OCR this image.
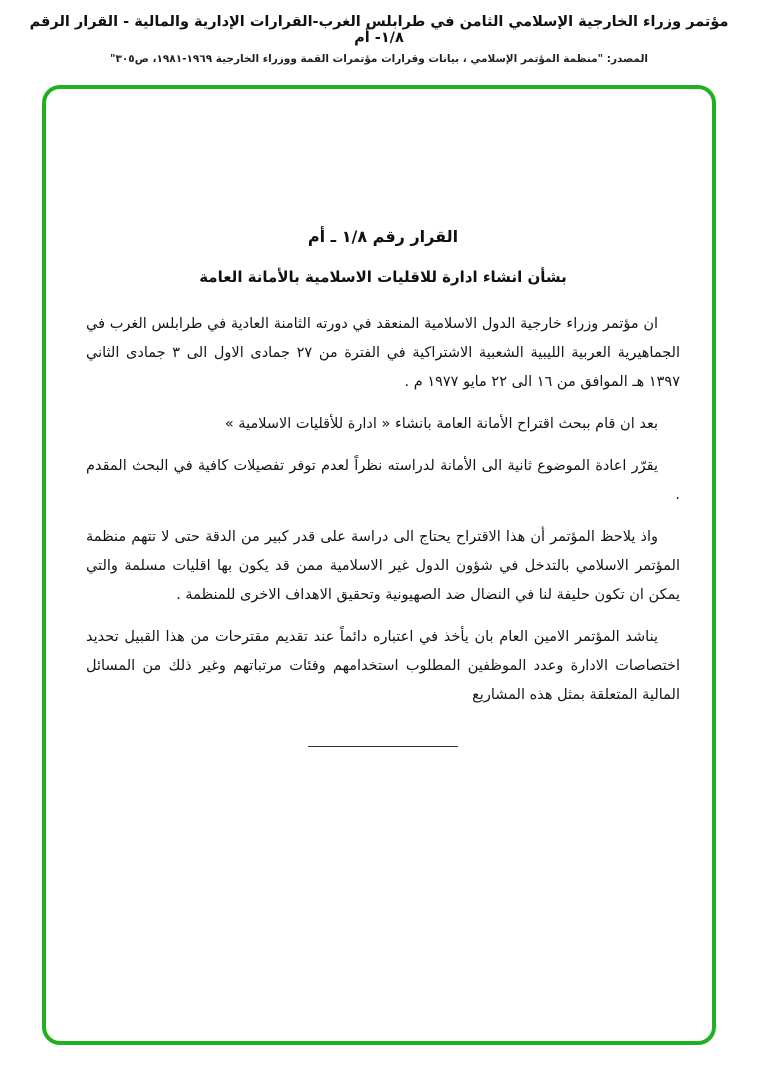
مؤتمر وزراء الخارجية الإسلامي الثامن في طرابلس الغرب-القرارات الإدارية والمالية - القرار الرقم ١/٨- أم
المصدر: "منظمة المؤتمر الإسلامي ، بيانات وقرارات مؤتمرات القمة ووزراء الخارجية ١٩٦٩-١٩٨١، ص٣٠٥"
القرار رقم ١/٨ ـ أم
بشأن انشاء ادارة للاقليات الاسلامية بالأمانة العامة

ان مؤتمر وزراء خارجية الدول الاسلامية المنعقد في دورته الثامنة العادية في طرابلس الغرب في الجماهيرية العربية الليبية الشعبية الاشتراكية في الفترة من ٢٧ جمادى الاول الى ٣ جمادى الثاني ١٣٩٧ هـ الموافق من ١٦ الى ٢٢ مايو ١٩٧٧ م .

بعد ان قام ببحث اقتراح الأمانة العامة بانشاء « ادارة للأقليات الاسلامية »

يقرّر اعادة الموضوع ثانية الى الأمانة لدراسته نظراً لعدم توفر تفصيلات كافية في البحث المقدم .

واذ يلاحظ المؤتمر أن هذا الاقتراح يحتاج الى دراسة على قدر كبير من الدقة حتى لا تتهم منظمة المؤتمر الاسلامي بالتدخل في شؤون الدول غير الاسلامية ممن قد يكون بها اقليات مسلمة والتي يمكن ان تكون حليفة لنا في النضال ضد الصهيونية وتحقيق الاهداف الاخرى للمنظمة .

يناشد المؤتمر الامين العام بان يأخذ في اعتباره دائماً عند تقديم مقترحات من هذا القبيل تحديد اختصاصات الادارة وعدد الموظفين المطلوب استخدامهم وفئات مرتباتهم وغير ذلك من المسائل المالية المتعلقة بمثل هذه المشاريع
